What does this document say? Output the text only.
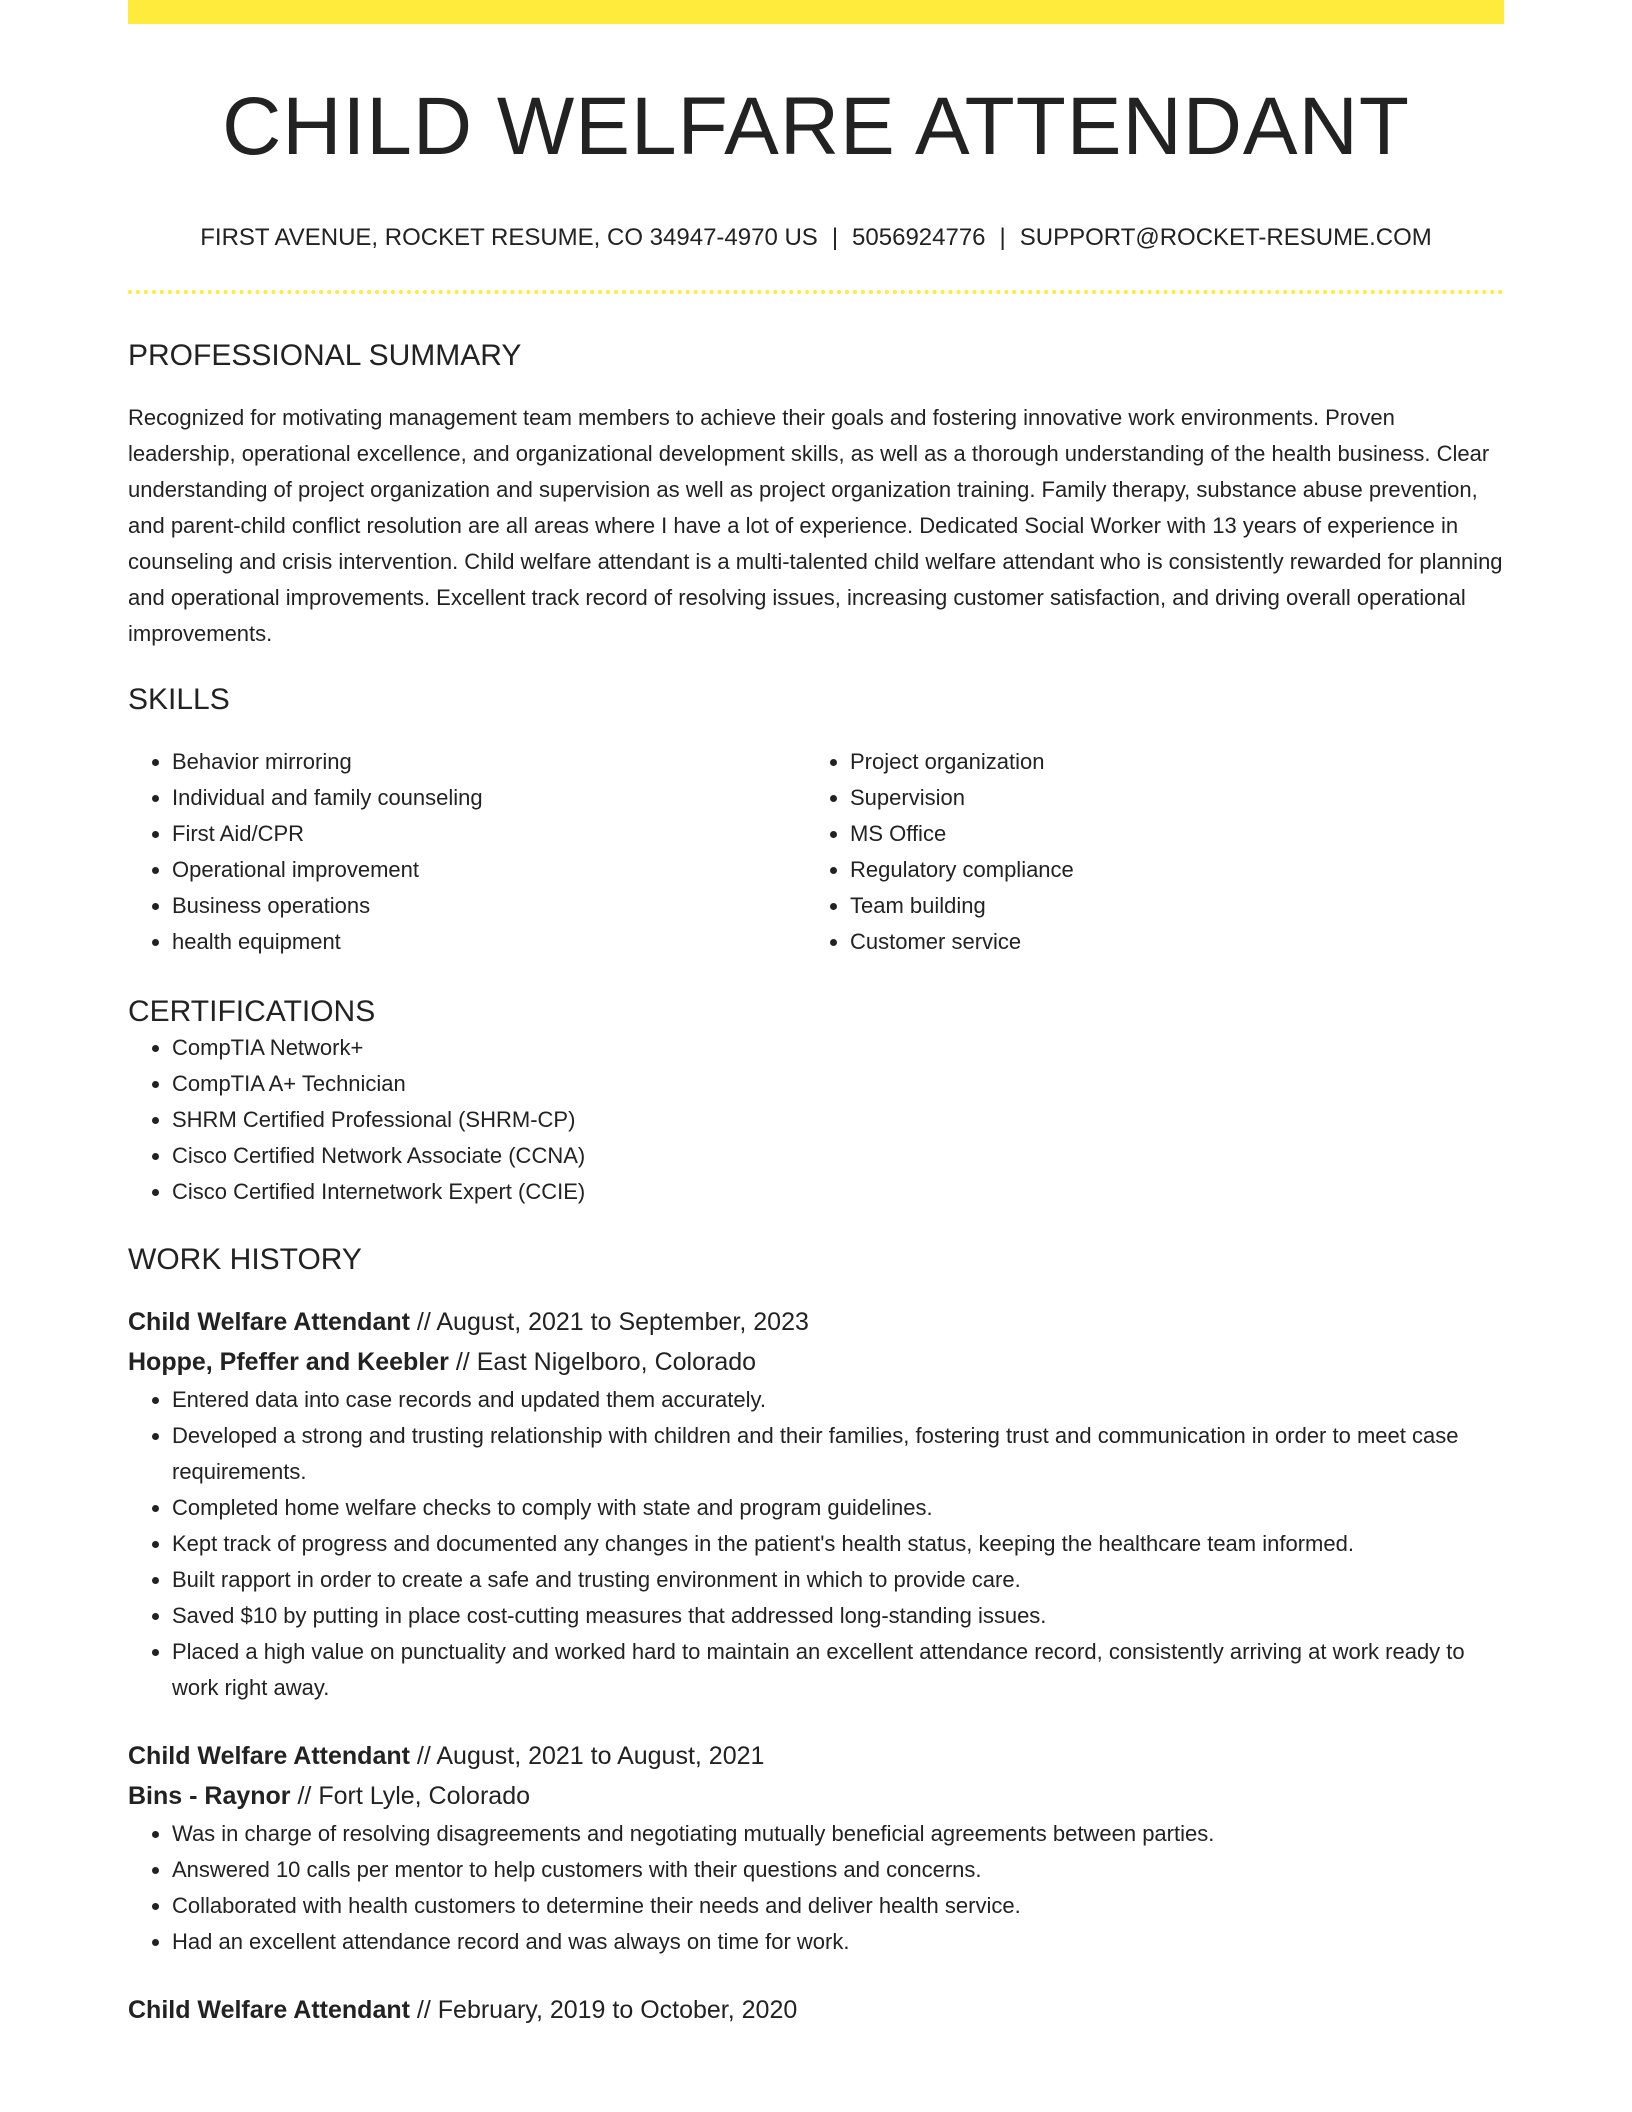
CHILD WELFARE ATTENDANT
FIRST AVENUE, ROCKET RESUME, CO 34947-4970 US | 5056924776 | SUPPORT@ROCKET-RESUME.COM
PROFESSIONAL SUMMARY

Recognized for motivating management team members to achieve their goals and fostering innovative work environments. Proven leadership, operational excellence, and organizational development skills, as well as a thorough understanding of the health business. Clear understanding of project organization and supervision as well as project organization training. Family therapy, substance abuse prevention, and parent-child conflict resolution are all areas where I have a lot of experience. Dedicated Social Worker with 13 years of experience in counseling and crisis intervention. Child welfare attendant is a multi-talented child welfare attendant who is consistently rewarded for planning and operational improvements. Excellent track record of resolving issues, increasing customer satisfaction, and driving overall operational improvements.

SKILLS
• Behavior mirroring
• Individual and family counseling
• First Aid/CPR
• Operational improvement
• Business operations
• health equipment
• Project organization
• Supervision
• MS Office
• Regulatory compliance
• Team building
• Customer service
CERTIFICATIONS
• CompTIA Network+
• CompTIA A+ Technician
• SHRM Certified Professional (SHRM-CP)
• Cisco Certified Network Associate (CCNA)
• Cisco Certified Internetwork Expert (CCIE)
WORK HISTORY
Child Welfare Attendant // August, 2021 to September, 2023
Hoppe, Pfeffer and Keebler // East Nigelboro, Colorado
• Entered data into case records and updated them accurately.
• Developed a strong and trusting relationship with children and their families, fostering trust and communication in order to meet case requirements.
• Completed home welfare checks to comply with state and program guidelines.
• Kept track of progress and documented any changes in the patient's health status, keeping the healthcare team informed.
• Built rapport in order to create a safe and trusting environment in which to provide care.
• Saved $10 by putting in place cost-cutting measures that addressed long-standing issues.
• Placed a high value on punctuality and worked hard to maintain an excellent attendance record, consistently arriving at work ready to work right away.
Child Welfare Attendant // August, 2021 to August, 2021
Bins - Raynor // Fort Lyle, Colorado
• Was in charge of resolving disagreements and negotiating mutually beneficial agreements between parties.
• Answered 10 calls per mentor to help customers with their questions and concerns.
• Collaborated with health customers to determine their needs and deliver health service.
• Had an excellent attendance record and was always on time for work.
Child Welfare Attendant // February, 2019 to October, 2020
